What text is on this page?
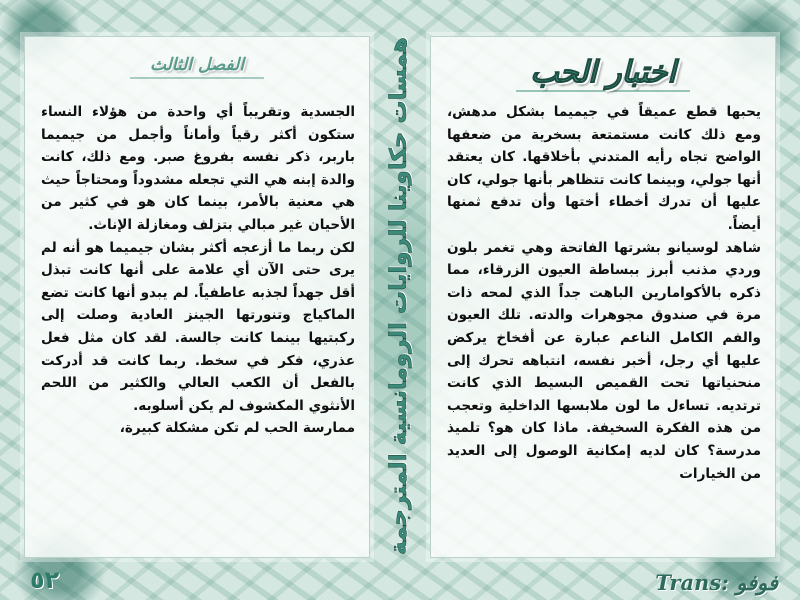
اختبار الحب

يحبها قطع عميقاً في جيميما بشكل مدهش، ومع ذلك كانت مستمتعة بسخرية من ضعفها الواضح تجاه رأيه المتدني بأخلاقها. كان يعتقد أنها جولي، وبينما كانت تتظاهر بأنها جولي، كان عليها أن تدرك أخطاء أختها وأن تدفع ثمنها أيضاً.

شاهد لوسيانو بشرتها الفاتحة وهي تغمر بلون وردي مذنب أبرز ببساطة العيون الزرقاء، مما ذكره بالأكوامارين الباهت جداً الذي لمحه ذات مرة في صندوق مجوهرات والدته. تلك العيون والفم الكامل الناعم عبارة عن أفخاخ يركض عليها أي رجل، أخبر نفسه، انتباهه تحرك إلى منحنياتها تحت القميص البسيط الذي كانت ترتديه. تساءل ما لون ملابسها الداخلية وتعجب من هذه الفكرة السخيفة. ماذا كان هو؟ تلميذ مدرسة؟ كان لديه إمكانية الوصول إلى العديد من الخيارات

همسات حكاوينا للروايات الرومانسية المترجمة
الفصل الثالث

الجسدية وتقريباً أي واحدة من هؤلاء النساء ستكون أكثر رقياً وأماناً وأجمل من جيميما باربر، ذكر نفسه بفروغ صبر. ومع ذلك، كانت والدة إبنه هي التي تجعله مشدوداً ومحتاجاً حيث هي معنية بالأمر، بينما كان هو في كثير من الأحيان غير مبالي بتزلف ومغازلة الإناث.

لكن ربما ما أزعجه أكثر بشان جيميما هو أنه لم يرى حتى الآن أي علامة على أنها كانت تبذل أقل جهداً لجذبه عاطفياً. لم يبدو أنها كانت تضع الماكياج وتنورتها الجينز العادية وصلت إلى ركبتيها بينما كانت جالسة. لقد كان مثل فعل عذري، فكر في سخط. ربما كانت قد أدركت بالفعل أن الكعب العالي والكثير من اللحم الأنثوي المكشوف لم يكن أسلوبه.

ممارسة الحب لم تكن مشكلة كبيرة،

٥٢	Trans: فوفو
